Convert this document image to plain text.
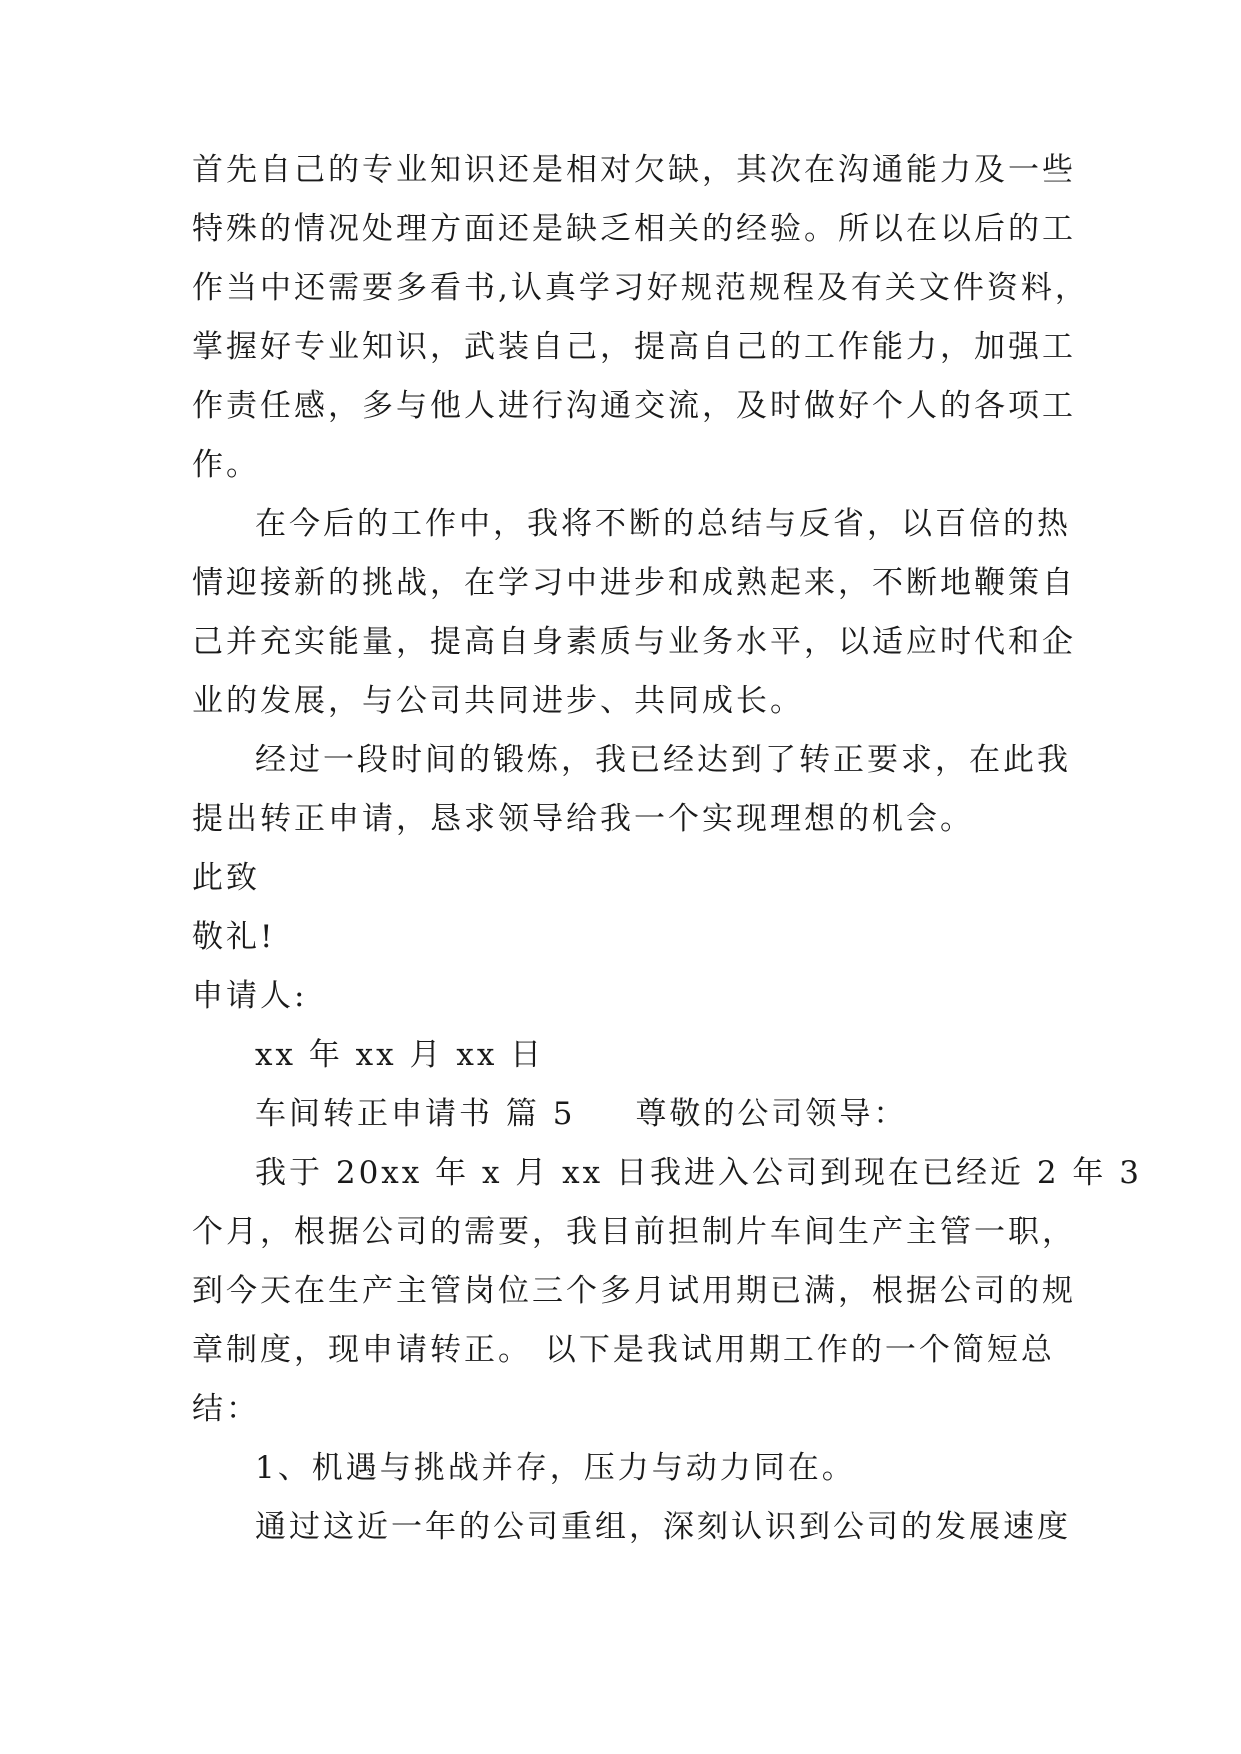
首先自己的专业知识还是相对欠缺，其次在沟通能力及一些
特殊的情况处理方面还是缺乏相关的经验。所以在以后的工
作当中还需要多看书,认真学习好规范规程及有关文件资料，
掌握好专业知识，武装自己，提高自己的工作能力，加强工
作责任感，多与他人进行沟通交流，及时做好个人的各项工
作。
在今后的工作中，我将不断的总结与反省，以百倍的热
情迎接新的挑战，在学习中进步和成熟起来，不断地鞭策自
己并充实能量，提高自身素质与业务水平，以适应时代和企
业的发展，与公司共同进步、共同成长。
经过一段时间的锻炼，我已经达到了转正要求，在此我
提出转正申请，恳求领导给我一个实现理想的机会。
此致
敬礼!
申请人:
xx 年 xx 月 xx 日
车间转正申请书 篇 5 尊敬的公司领导：
我于 20xx 年 x 月 xx 日我进入公司到现在已经近 2 年 3
个月，根据公司的需要，我目前担制片车间生产主管一职，
到今天在生产主管岗位三个多月试用期已满，根据公司的规
章制度，现申请转正。 以下是我试用期工作的一个简短总
结：
1、机遇与挑战并存，压力与动力同在。
通过这近一年的公司重组，深刻认识到公司的发展速度
